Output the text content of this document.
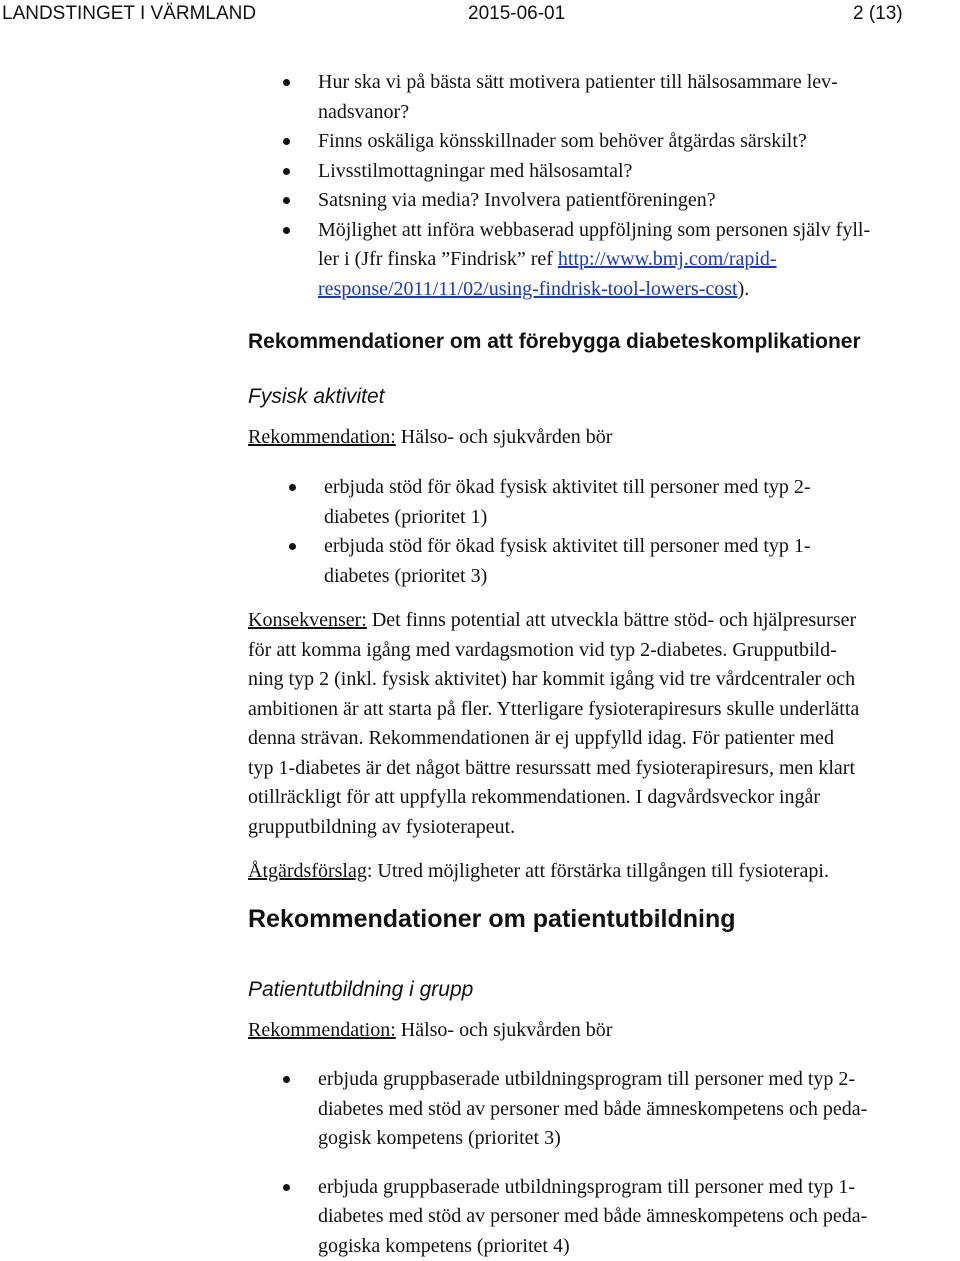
LANDSTINGET I VÄRMLAND	2015-06-01	2 (13)
Hur ska vi på bästa sätt motivera patienter till hälsosammare lev-
nadsvanor?
Finns oskäliga könsskillnader som behöver åtgärdas särskilt?
Livsstilmottagningar med hälsosamtal?
Satsning via media? Involvera patientföreningen?
Möjlighet att införa webbaserad uppföljning som personen själv fyll-
ler i (Jfr finska ”Findrisk” ref http://www.bmj.com/rapid-
response/2011/11/02/using-findrisk-tool-lowers-cost).
Rekommendationer om att förebygga diabeteskomplikationer
Fysisk aktivitet
Rekommendation: Hälso- och sjukvården bör
erbjuda stöd för ökad fysisk aktivitet till personer med typ 2-
diabetes (prioritet 1)
erbjuda stöd för ökad fysisk aktivitet till personer med typ 1-
diabetes (prioritet 3)
Konsekvenser: Det finns potential att utveckla bättre stöd- och hjälpresurser
för att komma igång med vardagsmotion vid typ 2-diabetes. Grupputbild-
ning typ 2 (inkl. fysisk aktivitet) har kommit igång vid tre vårdcentraler och
ambitionen är att starta på fler. Ytterligare fysioterapiresurs skulle underlätta
denna strävan. Rekommendationen är ej uppfylld idag. För patienter med
typ 1-diabetes är det något bättre resurssatt med fysioterapiresurs, men klart
otillräckligt för att uppfylla rekommendationen. I dagvårdsveckor ingår
grupputbildning av fysioterapeut.
Åtgärdsförslag: Utred möjligheter att förstärka tillgången till fysioterapi.
Rekommendationer om patientutbildning
Patientutbildning i grupp
Rekommendation: Hälso- och sjukvården bör
erbjuda gruppbaserade utbildningsprogram till personer med typ 2-
diabetes med stöd av personer med både ämneskompetens och peda-
gogisk kompetens (prioritet 3)
erbjuda gruppbaserade utbildningsprogram till personer med typ 1-
diabetes med stöd av personer med både ämneskompetens och peda-
gogiska kompetens (prioritet 4)
